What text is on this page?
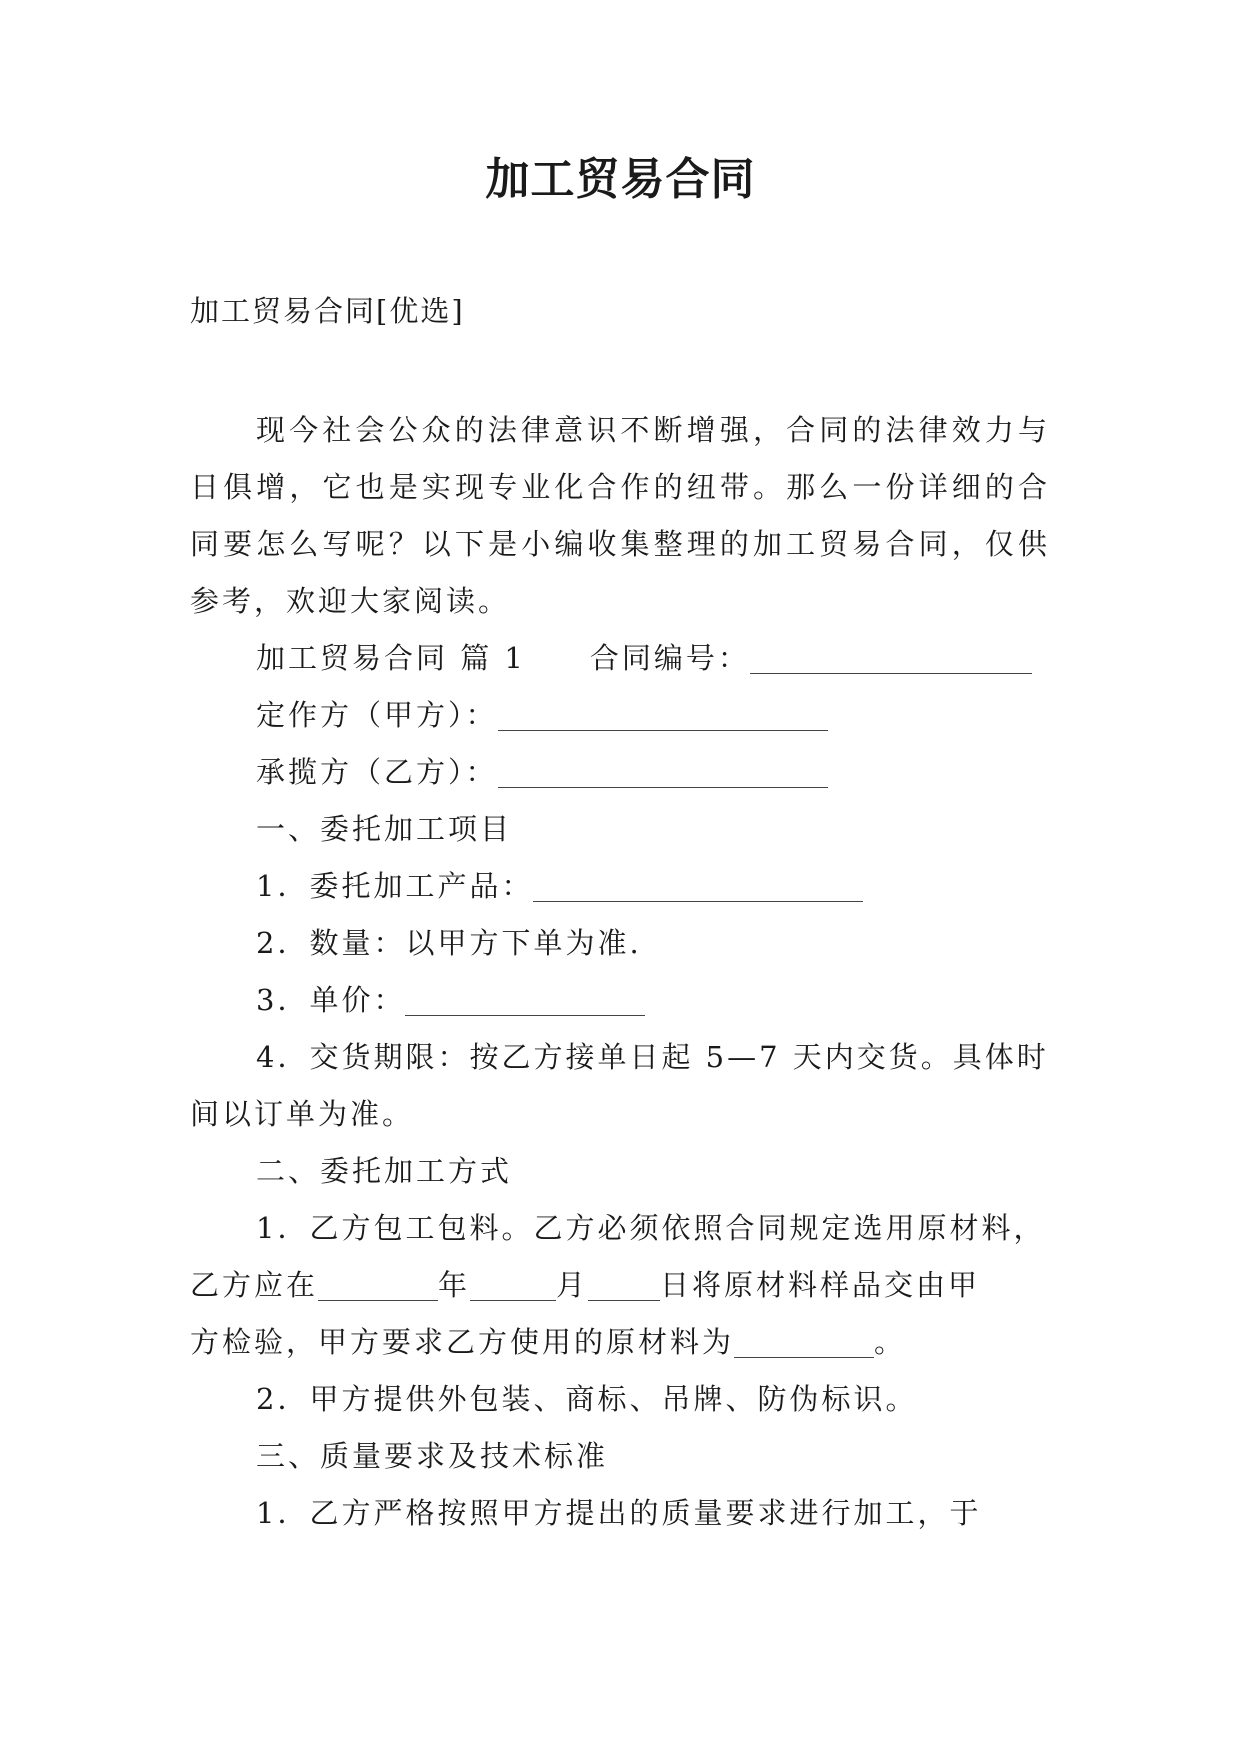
加工贸易合同
加工贸易合同[优选]

现今社会公众的法律意识不断增强，合同的法律效力与日俱增，它也是实现专业化合作的纽带。那么一份详细的合同要怎么写呢？以下是小编收集整理的加工贸易合同，仅供参考，欢迎大家阅读。

加工贸易合同 篇 1 合同编号：

定作方（甲方）：

承揽方（乙方）：

一、委托加工项目

1．委托加工产品：

2．数量：以甲方下单为准.

3．单价：

4．交货期限：按乙方接单日起 5—7 天内交货。具体时

间以订单为准。

二、委托加工方式

1．乙方包工包料。乙方必须依照合同规定选用原材料，

乙方应在	年	月 日将原材料样品交由甲

方检验，甲方要求乙方使用的原材料为	。

2．甲方提供外包装、商标、吊牌、防伪标识。

三、质量要求及技术标准

1．乙方严格按照甲方提出的质量要求进行加工，于
